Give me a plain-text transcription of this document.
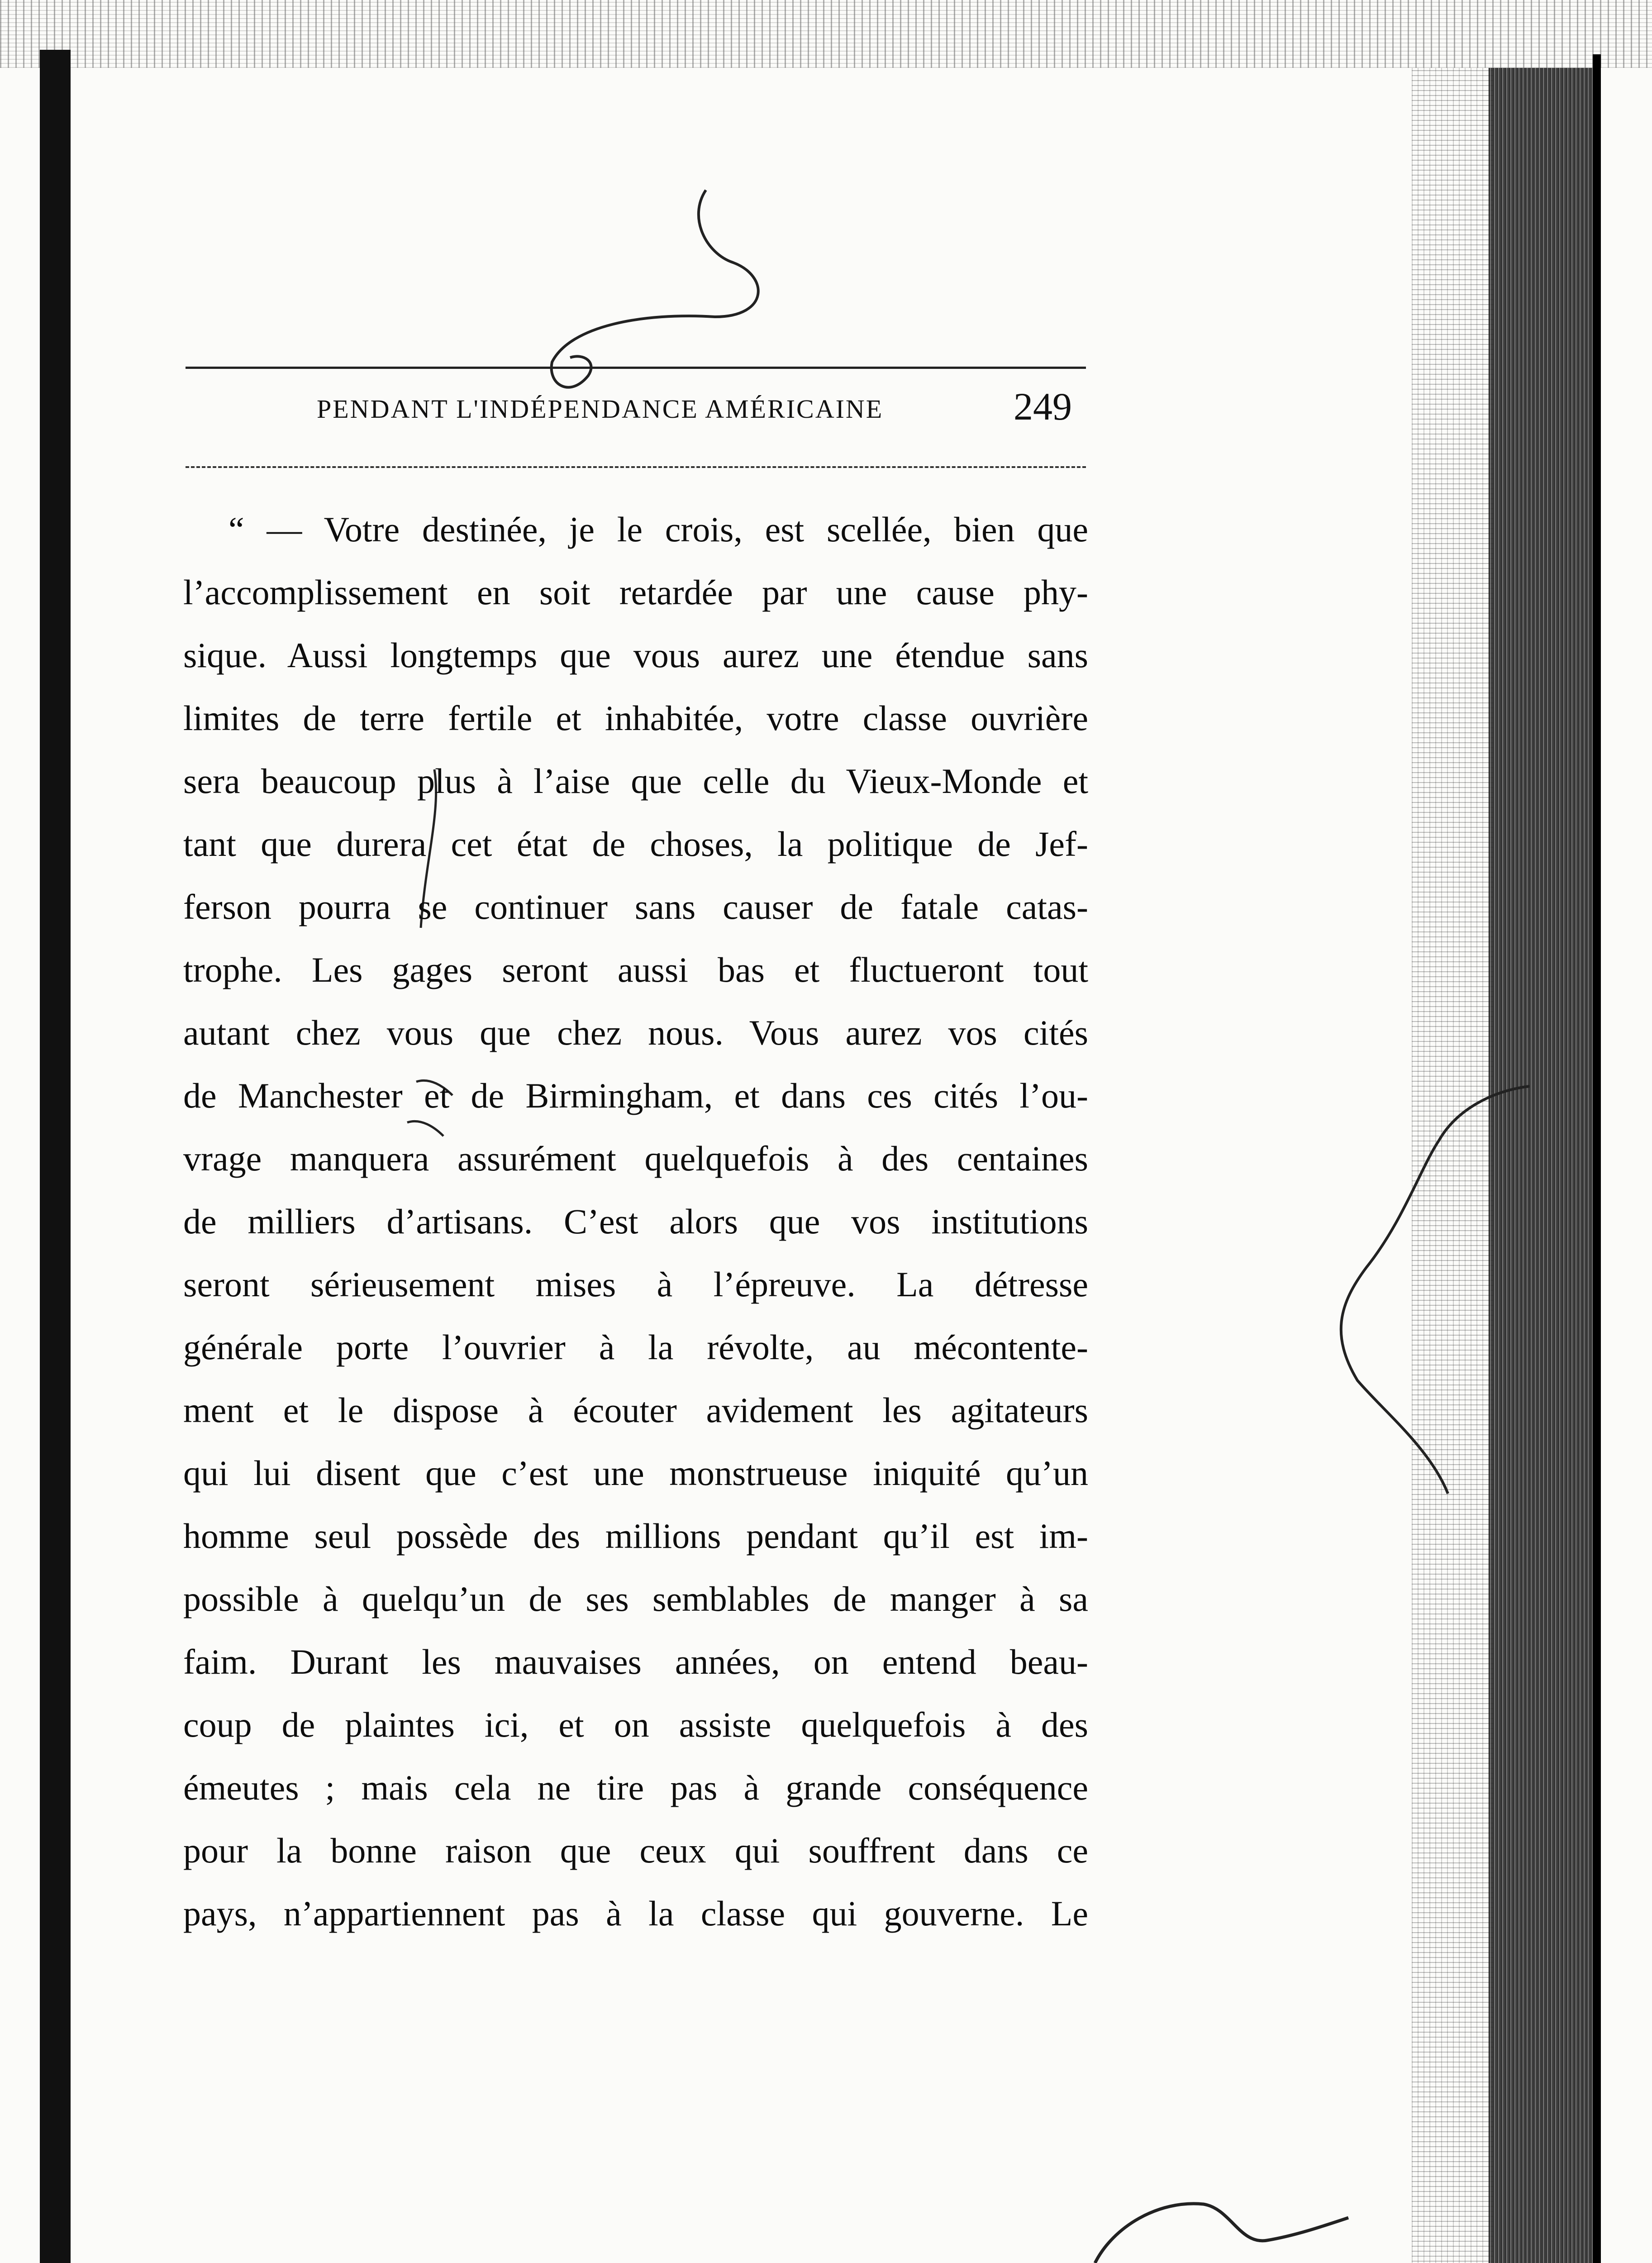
PENDANT L'INDÉPENDANCE AMÉRICAINE	249
“ — Votre destinée, je le crois, est scellée, bien que
l’accomplissement en soit retardée par une cause phy-
sique. Aussi longtemps que vous aurez une étendue sans
limites de terre fertile et inhabitée, votre classe ouvrière
sera beaucoup plus à l’aise que celle du Vieux-Monde et
tant que durera cet état de choses, la politique de Jef-
ferson pourra se continuer sans causer de fatale catas-
trophe. Les gages seront aussi bas et fluctueront tout
autant chez vous que chez nous. Vous aurez vos cités
de Manchester et de Birmingham, et dans ces cités l’ou-
vrage manquera assurément quelquefois à des centaines
de milliers d’artisans. C’est alors que vos institutions
seront sérieusement mises à l’épreuve. La détresse
générale porte l’ouvrier à la révolte, au mécontente-
ment et le dispose à écouter avidement les agitateurs
qui lui disent que c’est une monstrueuse iniquité qu’un
homme seul possède des millions pendant qu’il est im-
possible à quelqu’un de ses semblables de manger à sa
faim. Durant les mauvaises années, on entend beau-
coup de plaintes ici, et on assiste quelquefois à des
émeutes ; mais cela ne tire pas à grande conséquence
pour la bonne raison que ceux qui souffrent dans ce
pays, n’appartiennent pas à la classe qui gouverne. Le
